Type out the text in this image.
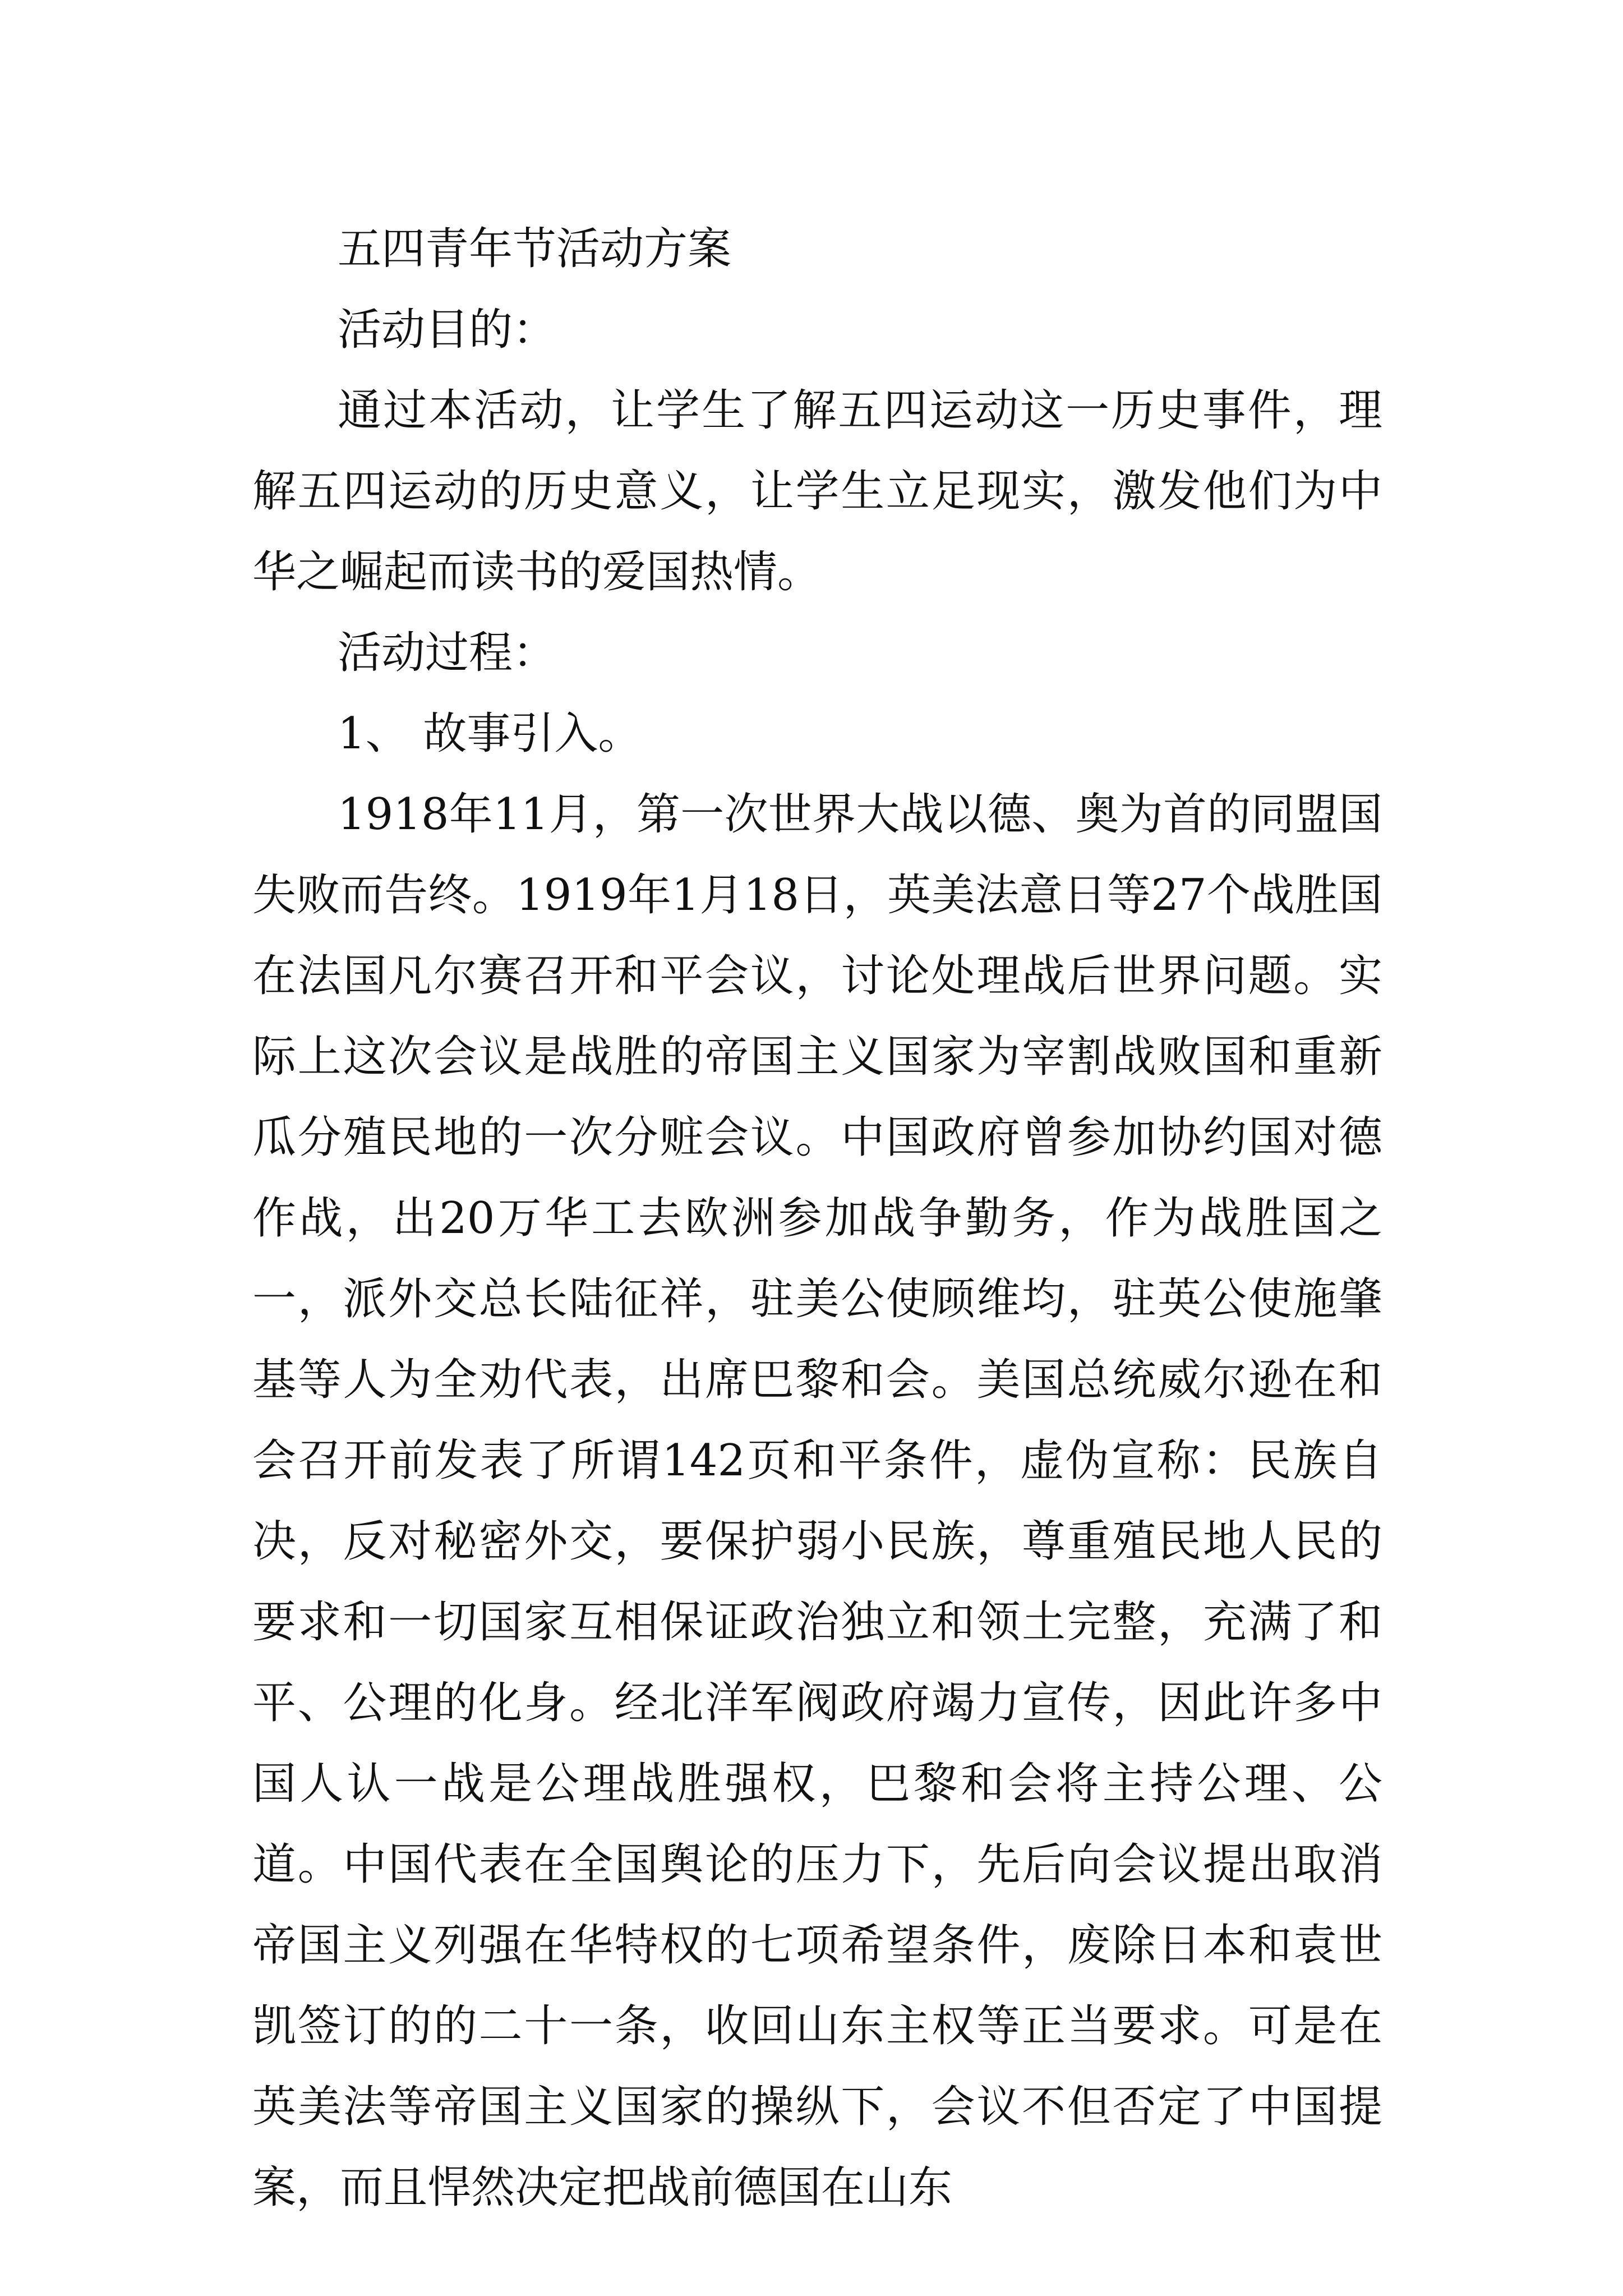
五四青年节活动方案

活动目的：

通过本活动，让学生了解五四运动这一历史事件，理解五四运动的历史意义，让学生立足现实，激发他们为中华之崛起而读书的爱国热情。

活动过程：

1、 故事引入。

1918年11月，第一次世界大战以德、奥为首的同盟国失败而告终。1919年1月18日，英美法意日等27个战胜国在法国凡尔赛召开和平会议，讨论处理战后世界问题。实际上这次会议是战胜的帝国主义国家为宰割战败国和重新瓜分殖民地的一次分赃会议。中国政府曾参加协约国对德作战，出20万华工去欧洲参加战争勤务，作为战胜国之一，派外交总长陆征祥，驻美公使顾维均，驻英公使施肇基等人为全劝代表，出席巴黎和会。美国总统威尔逊在和会召开前发表了所谓142页和平条件，虚伪宣称：民族自决，反对秘密外交，要保护弱小民族，尊重殖民地人民的要求和一切国家互相保证政治独立和领土完整，充满了和平、公理的化身。经北洋军阀政府竭力宣传，因此许多中国人认一战是公理战胜强权，巴黎和会将主持公理、公道。中国代表在全国舆论的压力下，先后向会议提出取消帝国主义列强在华特权的七项希望条件，废除日本和袁世凯签订的的二十一条，收回山东主权等正当要求。可是在英美法等帝国主义国家的操纵下，会议不但否定了中国提案，而且悍然决定把战前德国在山东
